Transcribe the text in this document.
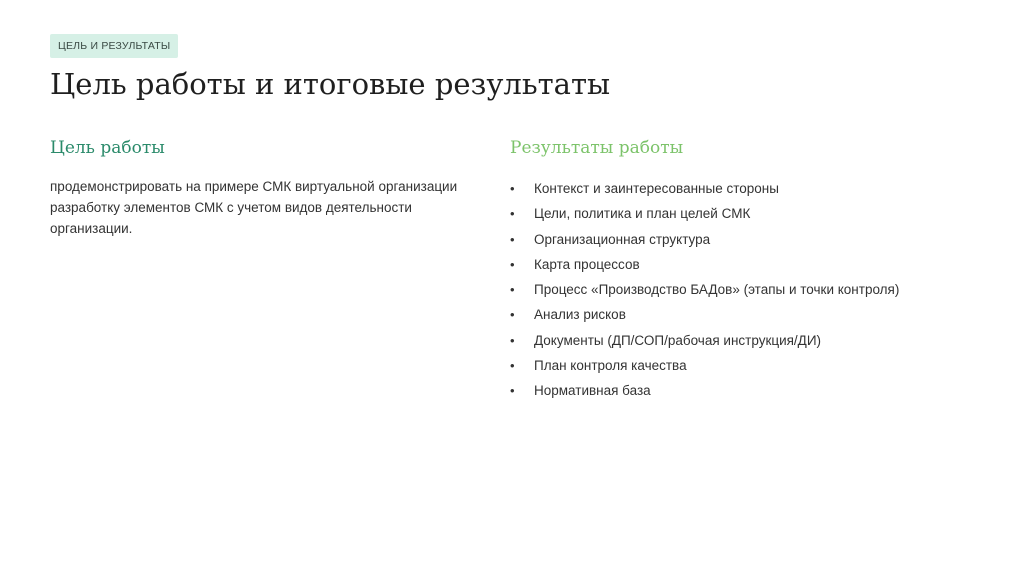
ЦЕЛЬ И РЕЗУЛЬТАТЫ
Цель работы и итоговые результаты
Цель работы

продемонстрировать на примере СМК виртуальной организации разработку элементов СМК с учетом видов деятельности организации.

Результаты работы
• Контекст и заинтересованные стороны
• Цели, политика и план целей СМК
• Организационная структура
• Карта процессов
• Процесс «Производство БАДов» (этапы и точки контроля)
• Анализ рисков
• Документы (ДП/СОП/рабочая инструкция/ДИ)
• План контроля качества
• Нормативная база
